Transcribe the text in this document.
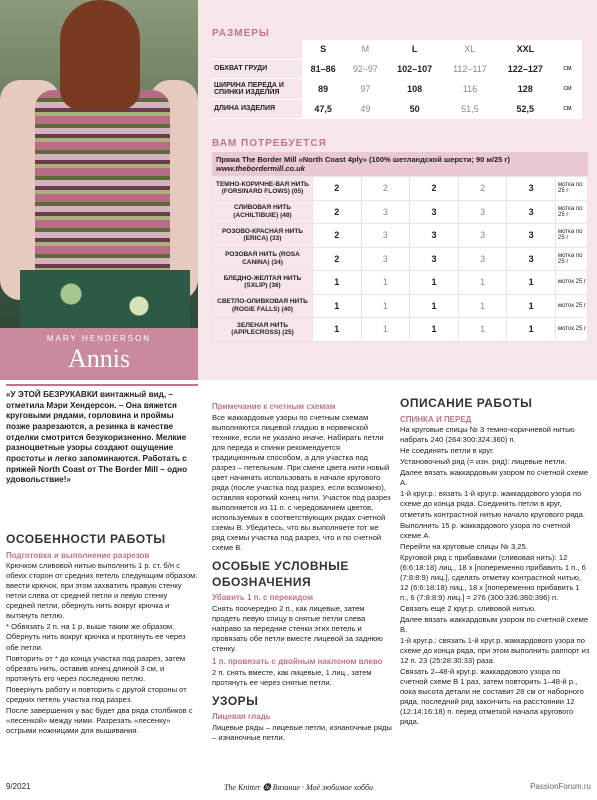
MARY HENDERSON
Annis
РАЗМЕРЫ
	S	M	L	XL	XXL	
ОБХВАТ ГРУДИ	81–86	92–97	102–107	112–117	122–127	см
ШИРИНА ПЕРЕДА И СПИНКИ ИЗДЕЛИЯ	89	97	108	116	128	см
ДЛИНА ИЗДЕЛИЯ	47,5	49	50	51,5	52,5	см
ВАМ ПОТРЕБУЕТСЯ
Пряжа The Border Mill «North Coast 4ply» (100% шетландской шерсти; 90 м/25 г)
www.thebordermill.co.uk
ТЕМНО-КОРИЧНЕ-ВАЯ НИТЬ (FORSINARD FLOWS) (05)	2	2	2	2	3	мотка по 25 г
СЛИВОВАЯ НИТЬ (ACHILTIBUIE) (48)	2	3	3	3	3	мотка по 25 г
РОЗОВО-КРАСНАЯ НИТЬ (ERICA) (33)	2	3	3	3	3	мотка по 25 г
РОЗОВАЯ НИТЬ (ROSA CANINA) (34)	2	3	3	3	3	мотка по 25 г
БЛЕДНО-ЖЕЛТАЯ НИТЬ (SXLIP) (36)	1	1	1	1	1	моток 25 г
СВЕТЛО-ОЛИВКОВАЯ НИТЬ (ROGIE FALLS) (40)	1	1	1	1	1	моток 25 г
ЗЕЛЕНАЯ НИТЬ (APPLECROSS) (25)	1	1	1	1	1	моток 25 г
«У ЭТОЙ БЕЗРУКАВКИ винтажный вид, – отметила Мэри Хендерсон. – Она вяжется круговыми рядами, горловина и проймы позже разрезаются, а резинка в качестве отделки смотрится безукоризненно. Мелкие разноцветные узоры создают ощущение простоты и легко запоминаются. Работать с пряжей North Coast от The Border Mill – одно удовольствие!»
ОСОБЕННОСТИ РАБОТЫ
Подготовка и выполнение разрезов

Крючком сливовой нитью выполнить 1 р. ст. б/н с обеих сторон от средних петель следующим образом: ввести крючок, при этом захватить правую стенку петли слева от средней петли и левую стенку средней петли, обернуть нить вокруг крючка и вытянуть петлю.

* Обвязать 2 п. на 1 р. выше таким же образом. Обернуть нить вокруг крючка и протянуть ее через обе петли.

Повторить от * до конца участка под разрез, затем обрезать нить, оставив конец длиной 3 см, и протянуть его через последнюю петлю.

Повернуть работу и повторить с другой стороны от средних петель участка под разрез.

После завершения у вас будет два ряда столбиков с «лесенкой» между ними. Разрезать «лесенку» острыми ножницами для вышивания.

Примечание к счетным схемам

Все жаккардовые узоры по счетным схемам выполняются лицевой гладью в норвежской технике, если не указано иначе. Набирать петли для переда и спинки рекомендуется традиционным способом, а для участка под разрез – петельным. При смене цвета нити новый цвет начинать использовать в начале кругового ряда (после участка под разрез, если возможно), оставляя короткий конец нити. Участок под разрез выполняется из 11 п. с чередованием цветов, используемых в соответствующих рядах счетной схемы В. Убедитесь, что вы выполняете тот же ряд схемы участка под разрез, что и по счетной схеме В.

ОСОБЫЕ УСЛОВНЫЕ ОБОЗНАЧЕНИЯ
Убавить 1 п. с перекидом

Снять поочередно 2 п., как лицевые, затем продеть левую спицу в снятые петли слева направо за передние стенки этих петель и провязать обе петли вместе лицевой за заднюю стенку.

1 п. провязать с двойным наклоном влево

2 п. снять вместе, как лицевые, 1 лиц., затем протянуть ее через снятые петли.

УЗОРЫ
Лицевая гладь

Лицевые ряды – лицевые петли, изнаночные ряды – изнаночные петли.

ОПИСАНИЕ РАБОТЫ
СПИНКА И ПЕРЕД

На круговые спицы № 3 темно-коричневой нитью набрать 240 (264:300:324:360) п.

Не соединять петли в круг.

Установочный ряд (= изн. ряд): лицевые петли.

Далее вязать жаккардовым узором по счетной схеме А.

1-й круг.р.: вязать 1-й круг.р. жаккардового узора по схеме до конца ряда. Соединить петли в круг, отметить контрастной нитью начало кругового ряда.

Выполнить 15 р. жаккардового узора по счетной схеме А.

Перейти на круговые спицы № 3,25.

Круговой ряд с прибавками (сливовая нить): 12 (6:6:18:18) лиц., 18 х [попеременно прибавить 1 п., 6 (7:8:8:9) лиц.], сделать отметку контрастной нитью, 12 (6:6:18:18) лиц., 18 х [попеременно прибавить 1 п., 6 (7:8:8:9) лиц.] = 276 (300:336:360:396) п.

Связать еще 2 круг.р. сливовой нитью.

Далее вязать жаккардовым узором по счетной схеме В.

1-й круг.р.: связать 1-й круг.р. жаккардового узора по схеме до конца ряда, при этом выполнить раппорт из 12 п. 23 (25:28:30:33) раза.

Связать 2–48-й круг.р. жаккардового узора по счетной схеме В 1 раз, затем повторить 1–48-й р., пока высота детали не составит 28 см от наборного ряда, последний ряд закончить на расстоянии 12 (12:14:16:18) п. перед отметкой начала кругового ряда.

9/2021	The Knitter ⓰ Вязание · Моё любимое хобби	PassionForum.ru
